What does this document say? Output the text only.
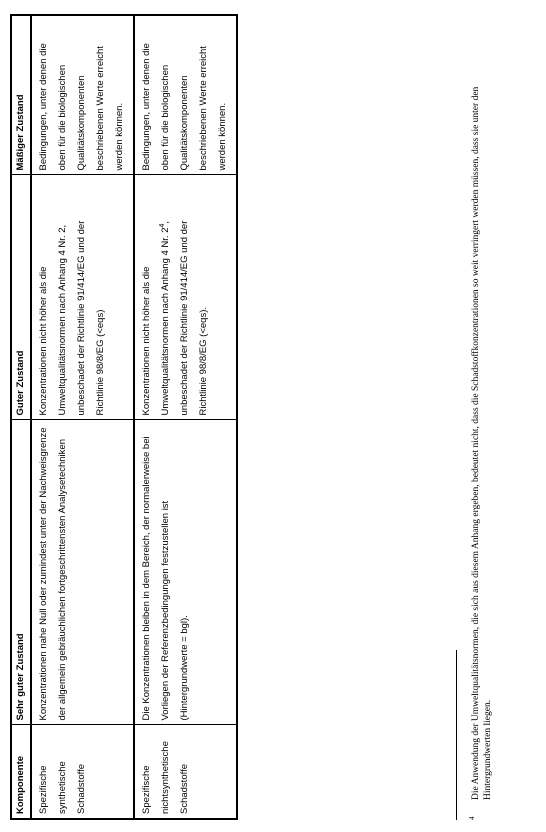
Komponente	Sehr guter Zustand	Guter Zustand	Mäßiger Zustand
Spezifische synthetische Schadstoffe	Konzentrationen nahe Null oder zumindest unter der Nachweisgrenze der allgemein gebräuchlichen fortgeschrittensten Analysetechniken	Konzentrationen nicht höher als die Umweltqualitätsnormen nach Anhang 4 Nr. 2, unbeschadet der Richtlinie 91/414/EG und der Richtlinie 98/8/EG (<eqs)	Bedingungen, unter denen die oben für die biologischen Qualitätskomponenten beschriebenen Werte erreicht werden können.
Spezifische nichtsynthetische Schadstoffe	Die Konzentrationen bleiben in dem Bereich, der normalerweise bei Vorliegen der Referenzbedingungen festzustellen ist (Hintergrundwerte = bgl).	Konzentrationen nicht höher als die Umweltqualitätsnormen nach Anhang 4 Nr. $2^4$, unbeschadet der Richtlinie 91/414/EG und der Richtlinie 98/8/EG (<eqs).	Bedingungen, unter denen die oben für die biologischen Qualitätskomponenten beschriebenen Werte erreicht werden können.
4
Die Anwendung der Umweltqualitätsnormen, die sich aus diesem Anhang ergeben, bedeutet nicht, dass die Schadstoffkonzentrationen so weit verringert werden müssen, dass sie unter den Hintergrundwerten liegen.
